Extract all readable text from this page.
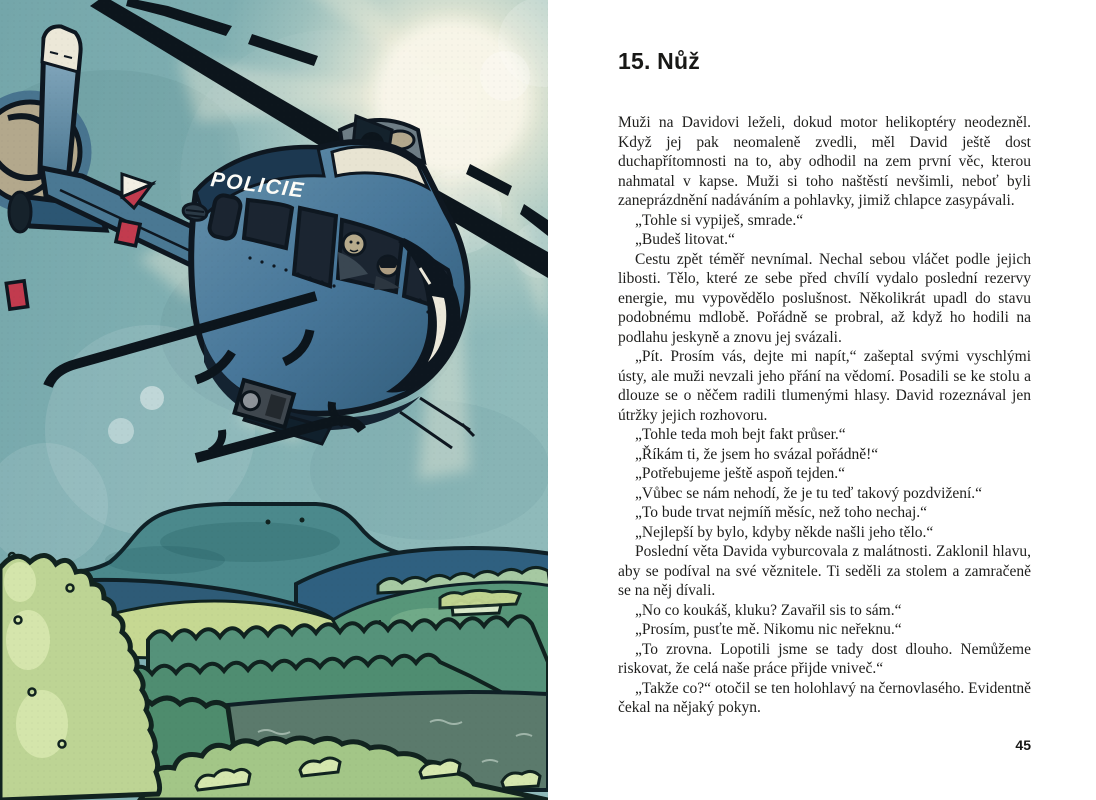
15. Nůž

Muži na Davidovi leželi, dokud motor helikoptéry neodezněl. Když jej pak neomaleně zvedli, měl David ještě dost duchapřítomnosti na to, aby odhodil na zem první věc, kterou nahmatal v kapse. Muži si toho naštěstí nevšimli, neboť byli zaneprázdnění nadáváním a pohlavky, jimiž chlapce zasypávali.

„Tohle si vypiješ, smrade.“

„Budeš litovat.“

Cestu zpět téměř nevnímal. Nechal sebou vláčet podle jejich libosti. Tělo, které ze sebe před chvílí vydalo poslední rezervy energie, mu vypovědělo poslušnost. Několikrát upadl do stavu podobnému mdlobě. Pořádně se probral, až když ho hodili na podlahu jeskyně a znovu jej svázali.

„Pít. Prosím vás, dejte mi napít,“ zašeptal svými vyschlými ústy, ale muži nevzali jeho přání na vědomí. Posadili se ke stolu a dlouze se o něčem radili tlumenými hlasy. David rozeznával jen útržky jejich rozhovoru.

„Tohle teda moh bejt fakt průser.“

„Říkám ti, že jsem ho svázal pořádně!“

„Potřebujeme ještě aspoň tejden.“

„Vůbec se nám nehodí, že je tu teď takový pozdvižení.“

„To bude trvat nejmíň měsíc, než toho nechaj.“

„Nejlepší by bylo, kdyby někde našli jeho tělo.“

Poslední věta Davida vyburcovala z malátnosti. Zaklonil hlavu, aby se podíval na své věznitele. Ti seděli za stolem a zamračeně se na něj dívali.

„No co koukáš, kluku? Zavařil sis to sám.“

„Prosím, pusťte mě. Nikomu nic neřeknu.“

„To zrovna. Lopotili jsme se tady dost dlouho. Nemůžeme riskovat, že celá naše práce přijde vniveč.“

„Takže co?“ otočil se ten holohlavý na černovlasého. Evidentně čekal na nějaký pokyn.

45
